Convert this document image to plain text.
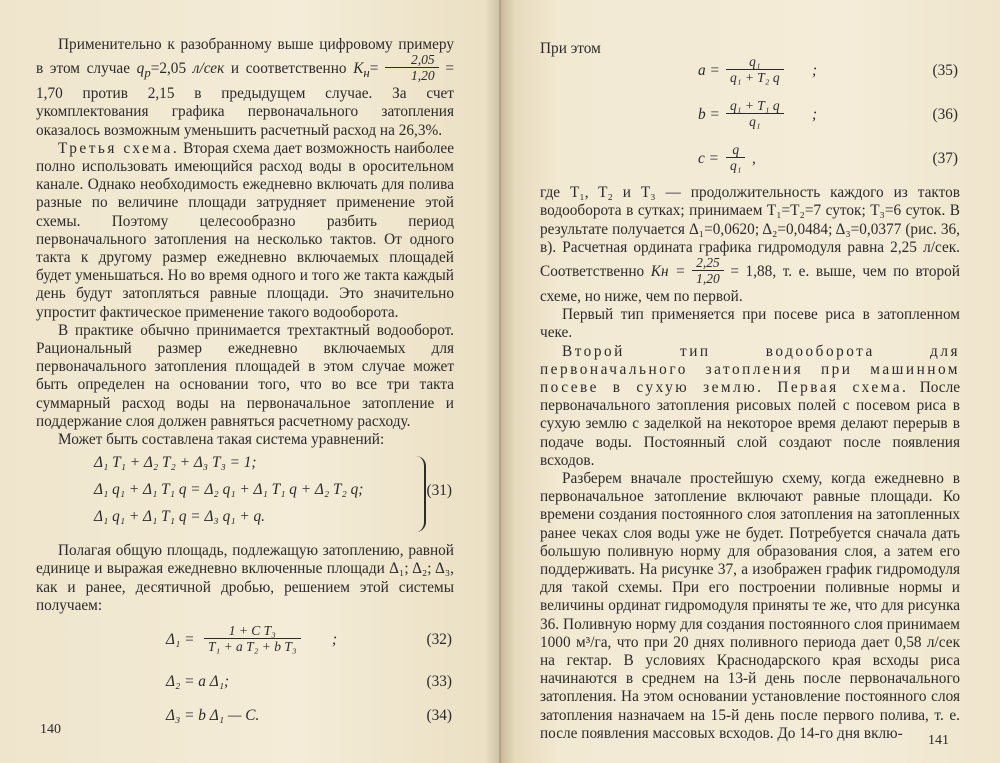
Применительно к разобранному выше цифровому примеру в этом случае $q_р=2,05$ л/сек и соответственно $K_н= \frac{2,05}{1,20} = 1,70$ против 2,15 в предыдущем случае. За счет укомплектования графика первоначального затопления оказалось возможным уменьшить расчетный расход на 26,3%.

Третья схема. Вторая схема дает возможность наиболее полно использовать имеющийся расход воды в оросительном канале. Однако необходимость ежедневно включать для полива разные по величине площади затрудняет применение этой схемы. Поэтому целесообразно разбить период первоначального затопления на несколько тактов. От одного такта к другому размер ежедневно включаемых площадей будет уменьшаться. Но во время одного и того же такта каждый день будут затопляться равные площади. Это значительно упростит фактическое применение такого водооборота.

В практике обычно принимается трехтактный водооборот. Рациональный размер ежедневно включаемых для первоначального затопления площадей в этом случае может быть определен на основании того, что во все три такта суммарный расход воды на первоначальное затопление и поддержание слоя должен равняться расчетному расходу.

Может быть составлена такая система уравнений:

Δ₁ T₁ + Δ₂ T₂ + Δ₃ T₃ = 1;
Δ₁ q₁ + Δ₁ T₁ q = Δ₂ q₁ + Δ₁ T₁ q + Δ₂ T₂ q;
Δ₁ q₁ + Δ₁ T₁ q = Δ₃ q₁ + q.
(31)

Полагая общую площадь, подлежащую затоплению, равной единице и выражая ежедневно включенные площади Δ₁; Δ₂; Δ₃, как и ранее, десятичной дробью, решением этой системы получаем:

$\Delta_1 = \frac{\text{1 + C T₃}}{\text{T₁ + a T₂ + b T₃}}$ ;	(32)
Δ₂ = a Δ₁;	(33)
Δ₃ = b Δ₁ — C.	(34)
140

При этом

$a = \frac{\text{q₁}}{\text{q₁ + T₂ q}}$ ;	(35)
$b = \frac{\text{q₁ + T₁ q}}{\text{q₁}}$ ;	(36)
$c = \frac{q}{\text{q₁}}$ ,	(37)

где T₁, T₂ и T₃ — продолжительность каждого из тактов водооборота в сутках; принимаем T₁=T₂=7 суток; T₃=6 суток. В результате получается Δ₁=0,0620; Δ₂=0,0484; Δ₃=0,0377 (рис. 36, в). Расчетная ордината графика гидромодуля равна 2,25 л/сек. Соответственно Kн = $\frac{2,25}{1,20} = 1,88$, т. е. выше, чем по второй схеме, но ниже, чем по первой.

Первый тип применяется при посеве риса в затопленном чеке.

Второй тип водооборота для первоначального затопления при машинном посеве в сухую землю. Первая схема. После первоначального затопления рисовых полей с посевом риса в сухую землю с заделкой на некоторое время делают перерыв в подаче воды. Постоянный слой создают после появления всходов.

Разберем вначале простейшую схему, когда ежедневно в первоначальное затопление включают равные площади. Ко времени создания постоянного слоя затопления на затопленных ранее чеках слоя воды уже не будет. Потребуется сначала дать большую поливную норму для образования слоя, а затем его поддерживать. На рисунке 37, а изображен график гидромодуля для такой схемы. При его построении поливные нормы и величины ординат гидромодуля приняты те же, что для рисунка 36. Поливную норму для создания постоянного слоя принимаем 1000 м³/га, что при 20 днях поливного периода дает 0,58 л/сек на гектар. В условиях Краснодарского края всходы риса начинаются в среднем на 13-й день после первоначального затопления. На этом основании установление постоянного слоя затопления назначаем на 15-й день после первого полива, т. е. после появления массовых всходов. До 14-го дня вклю-	141
